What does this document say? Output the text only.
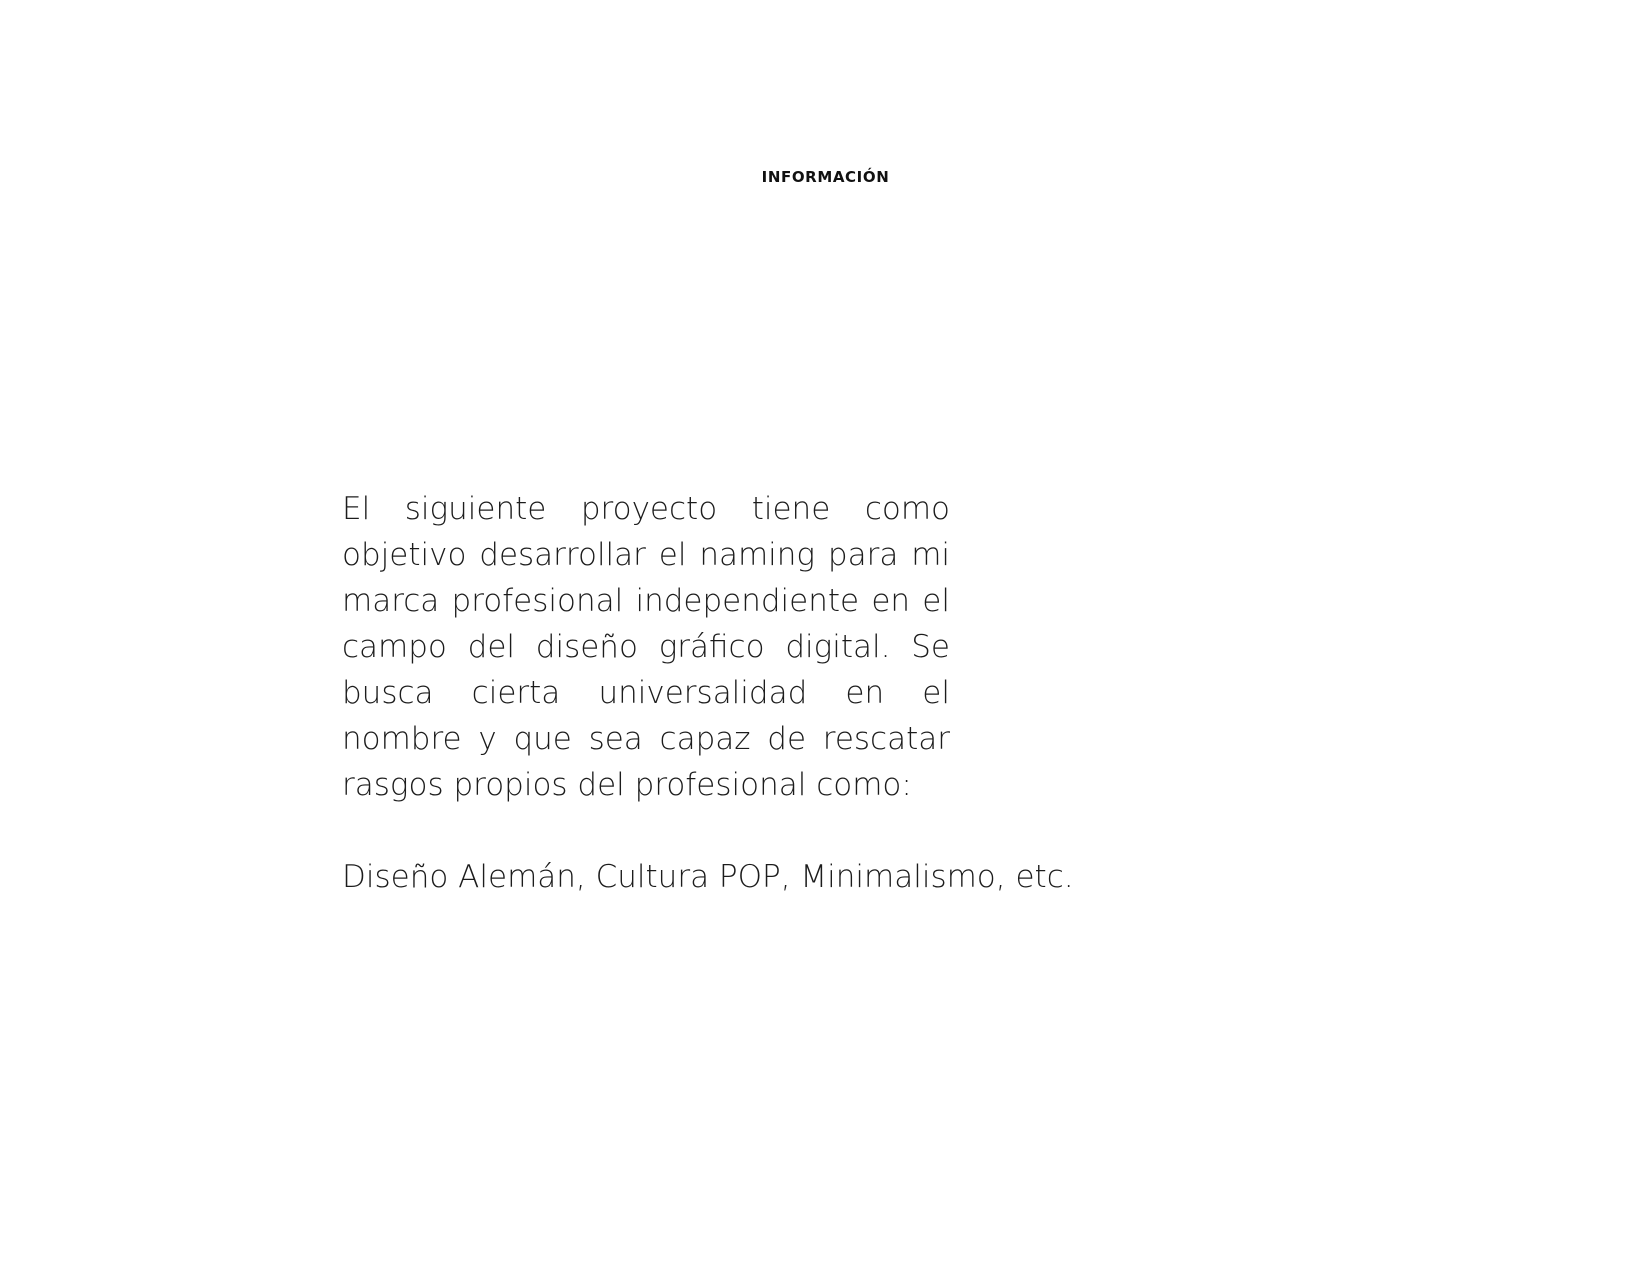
INFORMACIÓN

El siguiente proyecto tiene como objetivo desarrollar el naming para mi marca profesional independiente en el campo del diseño gráfico digital. Se busca cierta universalidad en el nombre y que sea capaz de rescatar rasgos propios del profesional como:

Diseño Alemán, Cultura POP, Minimalismo, etc.
